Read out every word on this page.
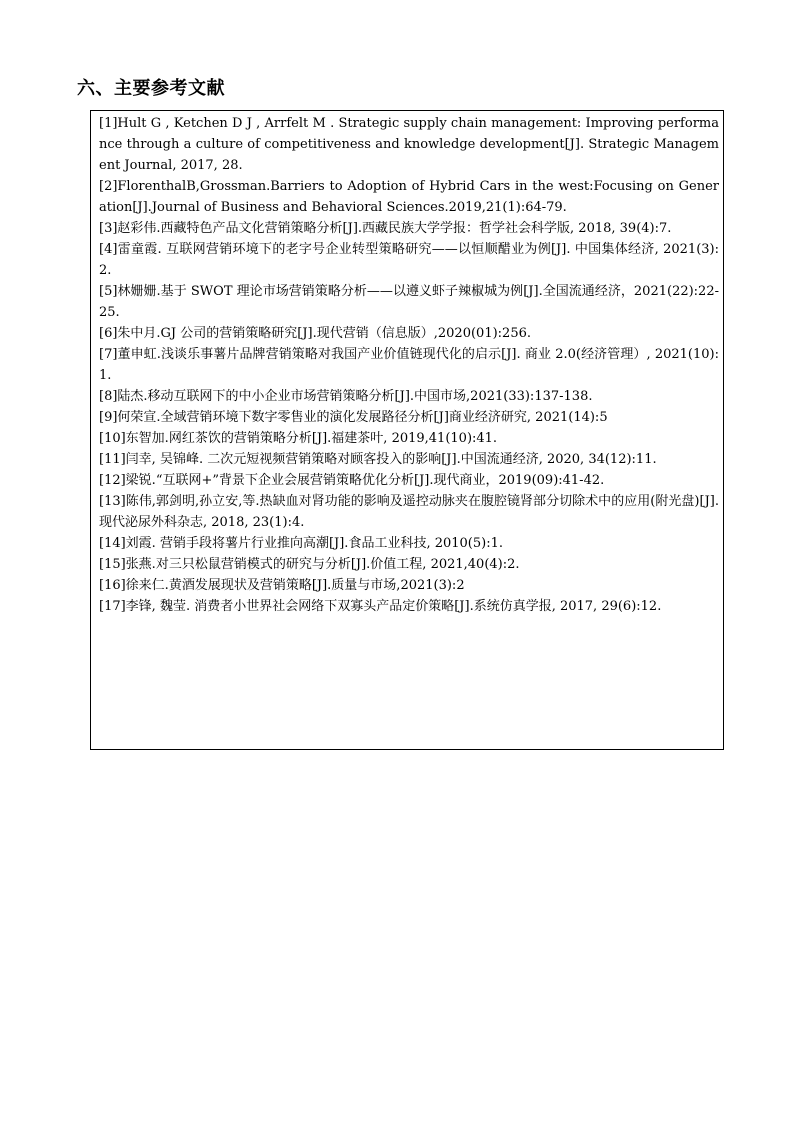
六、主要参考文献
[1]Hult G , Ketchen D J , Arrfelt M . Strategic supply chain management: Improving performance through a culture of competitiveness and knowledge development[J]. Strategic Management Journal, 2017, 28.
[2]FlorenthalB,Grossman.Barriers to Adoption of Hybrid Cars in the west:Focusing on Generation[J].Journal of Business and Behavioral Sciences.2019,21(1):64-79.
[3]赵彩伟.西藏特色产品文化营销策略分析[J].西藏民族大学学报：哲学社会科学版, 2018, 39(4):7.
[4]雷童霞. 互联网营销环境下的老字号企业转型策略研究——以恒顺醋业为例[J]. 中国集体经济, 2021(3):2.
[5]林姗姗.基于 SWOT 理论市场营销策略分析——以遵义虾子辣椒城为例[J].全国流通经济，2021(22):22-25.
[6]朱中月.GJ 公司的营销策略研究[J].现代营销（信息版）,2020(01):256.
[7]董申虹.浅谈乐事薯片品牌营销策略对我国产业价值链现代化的启示[J]. 商业 2.0(经济管理）, 2021(10):1.
[8]陆杰.移动互联网下的中小企业市场营销策略分析[J].中国市场,2021(33):137-138.
[9]何荣宣.全域营销环境下数字零售业的演化发展路径分析[J]商业经济研究, 2021(14):5
[10]东智加.网红茶饮的营销策略分析[J].福建茶叶, 2019,41(10):41.
[11]闫幸, 吴锦峰. 二次元短视频营销策略对顾客投入的影响[J].中国流通经济, 2020, 34(12):11.
[12]梁锐.“互联网+”背景下企业会展营销策略优化分析[J].现代商业，2019(09):41-42.
[13]陈伟,郭剑明,孙立安,等.热缺血对肾功能的影响及遥控动脉夹在腹腔镜肾部分切除术中的应用(附光盘)[J]. 现代泌尿外科杂志, 2018, 23(1):4.
[14]刘霞. 营销手段将薯片行业推向高潮[J].食品工业科技, 2010(5):1.
[15]张燕.对三只松鼠营销模式的研究与分析[J].价值工程, 2021,40(4):2.
[16]徐来仁.黄酒发展现状及营销策略[J].质量与市场,2021(3):2
[17]李锋, 魏莹. 消费者小世界社会网络下双寡头产品定价策略[J].系统仿真学报, 2017, 29(6):12.
